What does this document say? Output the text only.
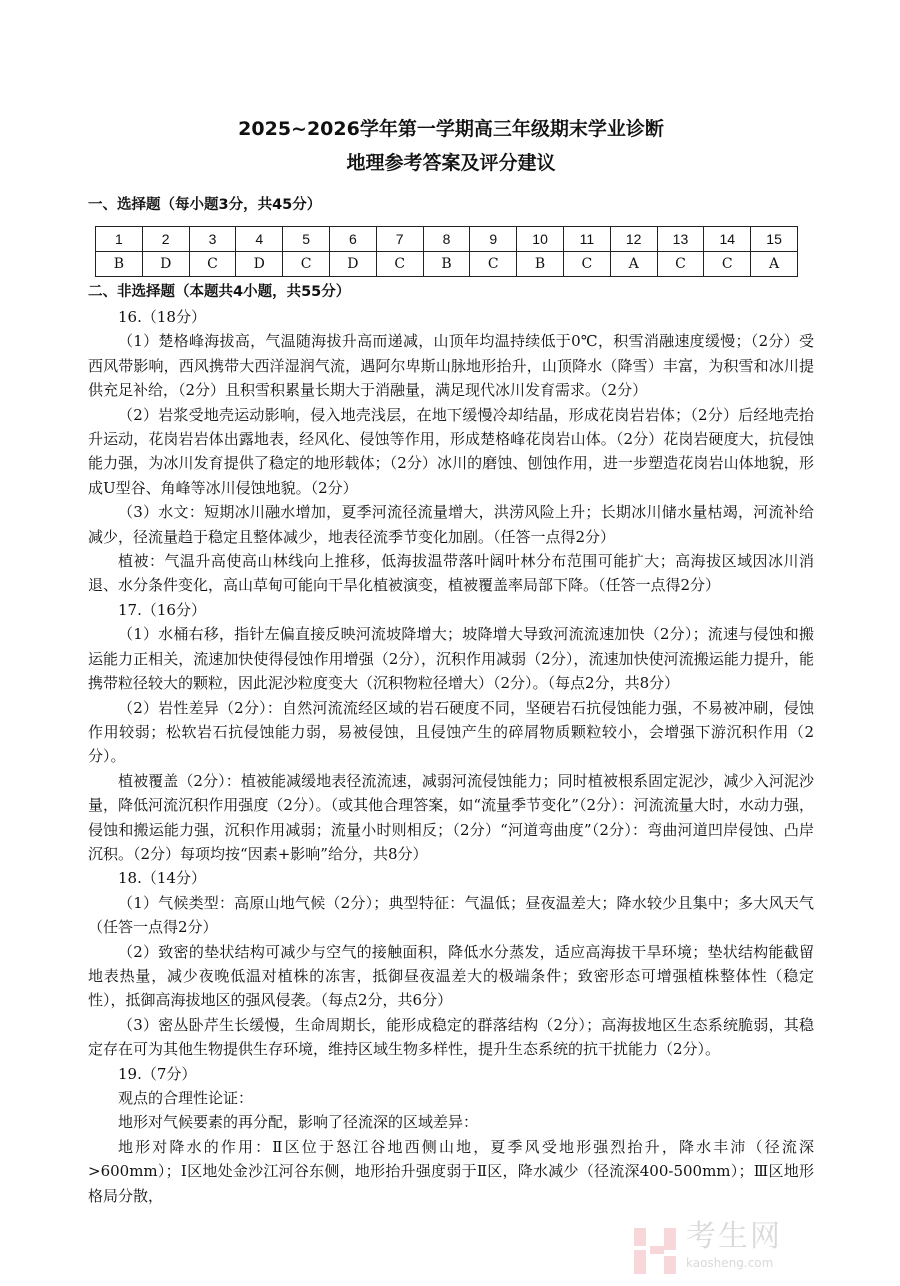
2025~2026学年第一学期高三年级期末学业诊断
地理参考答案及评分建议
一、选择题（每小题3分，共45分）
1	2	3	4	5	6	7	8	9	10	11	12	13	14	15
B	D	C	D	C	D	C	B	C	B	C	A	C	C	A
二、非选择题（本题共4小题，共55分）

16.（18分）

（1）楚格峰海拔高，气温随海拔升高而递减，山顶年均温持续低于0℃，积雪消融速度缓慢；（2分）受西风带影响，西风携带大西洋湿润气流，遇阿尔卑斯山脉地形抬升，山顶降水（降雪）丰富，为积雪和冰川提供充足补给，（2分）且积雪积累量长期大于消融量，满足现代冰川发育需求。（2分）

（2）岩浆受地壳运动影响，侵入地壳浅层，在地下缓慢冷却结晶，形成花岗岩岩体；（2分）后经地壳抬升运动，花岗岩岩体出露地表，经风化、侵蚀等作用，形成楚格峰花岗岩山体。（2分）花岗岩硬度大，抗侵蚀能力强，为冰川发育提供了稳定的地形载体；（2分）冰川的磨蚀、刨蚀作用，进一步塑造花岗岩山体地貌，形成U型谷、角峰等冰川侵蚀地貌。（2分）

（3）水文：短期冰川融水增加，夏季河流径流量增大，洪涝风险上升；长期冰川储水量枯竭，河流补给减少，径流量趋于稳定且整体减少，地表径流季节变化加剧。（任答一点得2分）

植被：气温升高使高山林线向上推移，低海拔温带落叶阔叶林分布范围可能扩大；高海拔区域因冰川消退、水分条件变化，高山草甸可能向干旱化植被演变，植被覆盖率局部下降。（任答一点得2分）

17.（16分）

（1）水桶右移，指针左偏直接反映河流坡降增大；坡降增大导致河流流速加快（2分）；流速与侵蚀和搬运能力正相关，流速加快使得侵蚀作用增强（2分），沉积作用减弱（2分），流速加快使河流搬运能力提升，能携带粒径较大的颗粒，因此泥沙粒度变大（沉积物粒径增大）（2分）。（每点2分，共8分）

（2）岩性差异（2分）：自然河流流经区域的岩石硬度不同，坚硬岩石抗侵蚀能力强，不易被冲刷，侵蚀作用较弱；松软岩石抗侵蚀能力弱，易被侵蚀，且侵蚀产生的碎屑物质颗粒较小，会增强下游沉积作用（2分）。

植被覆盖（2分）：植被能减缓地表径流流速，减弱河流侵蚀能力；同时植被根系固定泥沙，减少入河泥沙量，降低河流沉积作用强度（2分）。（或其他合理答案，如“流量季节变化”（2分）：河流流量大时，水动力强，侵蚀和搬运能力强，沉积作用减弱；流量小时则相反；（2分）“河道弯曲度”（2分）：弯曲河道凹岸侵蚀、凸岸沉积。（2分）每项均按“因素+影响”给分，共8分）

18.（14分）

（1）气候类型：高原山地气候（2分）；典型特征：气温低；昼夜温差大；降水较少且集中；多大风天气（任答一点得2分）

（2）致密的垫状结构可减少与空气的接触面积，降低水分蒸发，适应高海拔干旱环境；垫状结构能截留地表热量，减少夜晚低温对植株的冻害，抵御昼夜温差大的极端条件；致密形态可增强植株整体性（稳定性），抵御高海拔地区的强风侵袭。（每点2分，共6分）

（3）密丛卧芹生长缓慢，生命周期长，能形成稳定的群落结构（2分）；高海拔地区生态系统脆弱，其稳定存在可为其他生物提供生存环境，维持区域生物多样性，提升生态系统的抗干扰能力（2分）。

19.（7分）

观点的合理性论证：

地形对气候要素的再分配，影响了径流深的区域差异：

地形对降水的作用：Ⅱ区位于怒江谷地西侧山地，夏季风受地形强烈抬升，降水丰沛（径流深>600mm）；Ⅰ区地处金沙江河谷东侧，地形抬升强度弱于Ⅱ区，降水减少（径流深400-500mm）；Ⅲ区地形格局分散，

考生网
kaosheng.com
